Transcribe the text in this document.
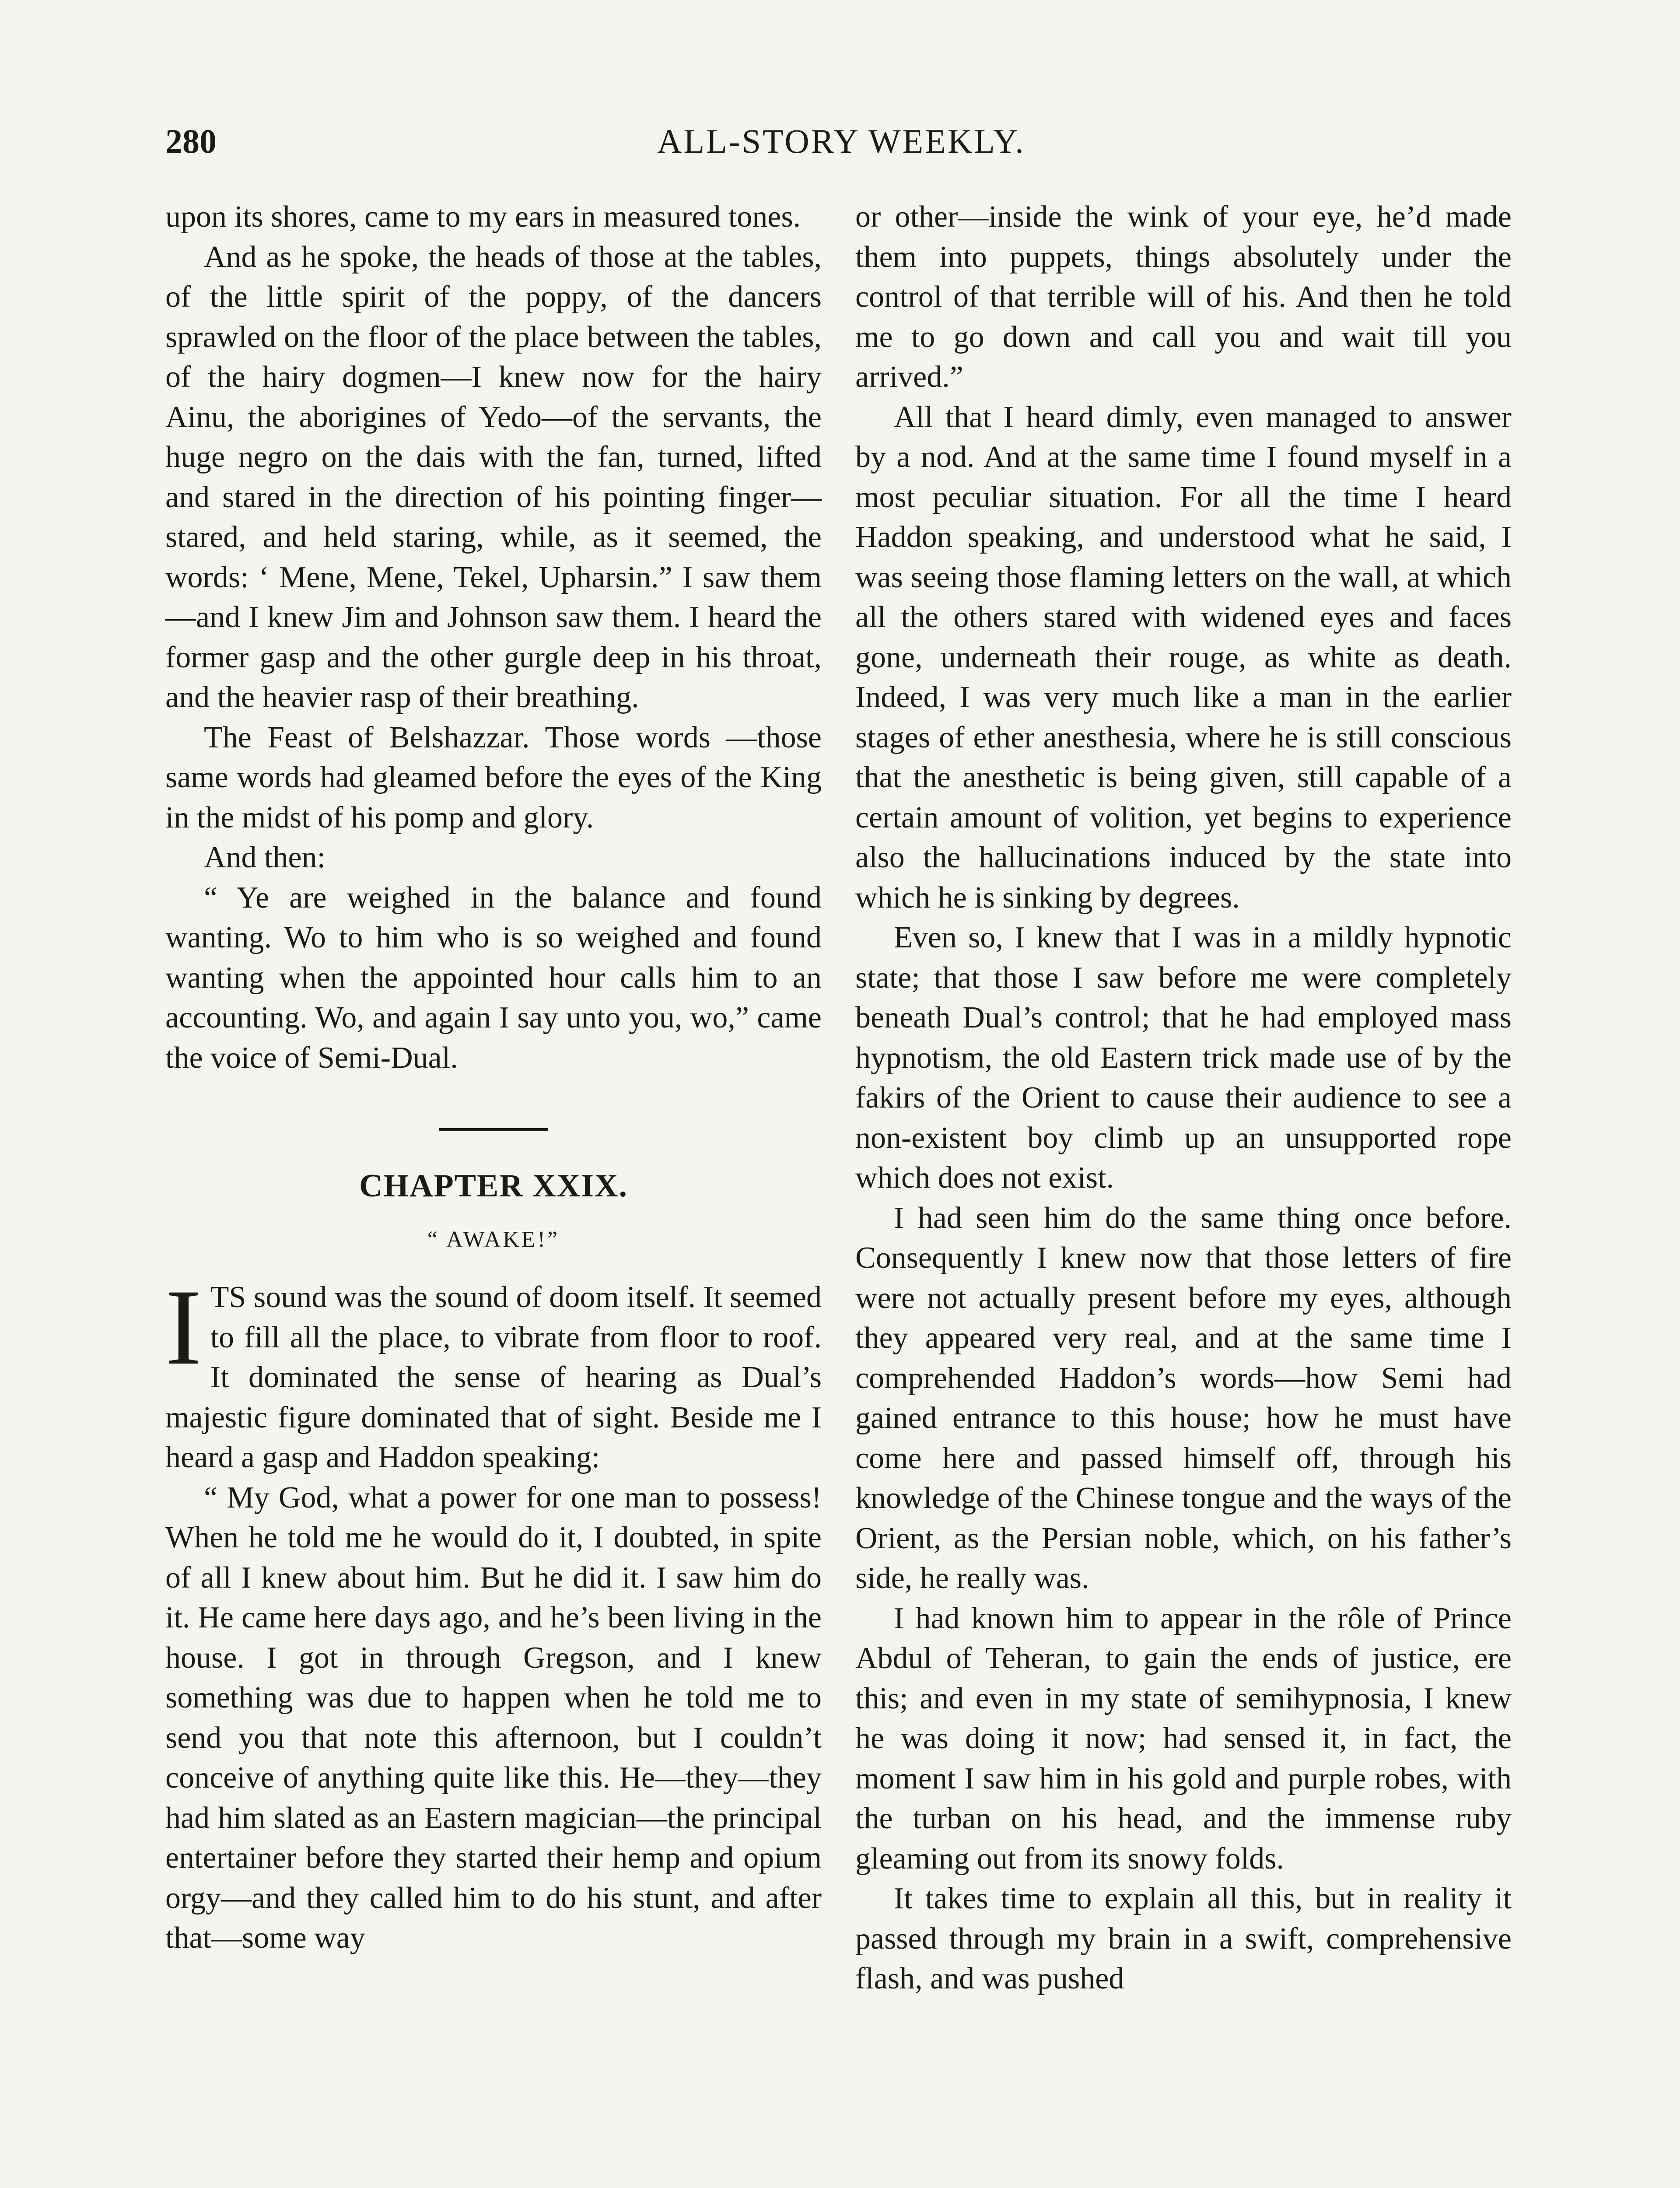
280	ALL-STORY WEEKLY.

upon its shores, came to my ears in measured tones.

And as he spoke, the heads of those at the tables, of the little spirit of the poppy, of the dancers sprawled on the floor of the place between the tables, of the hairy dogmen—I knew now for the hairy Ainu, the aborigines of Yedo—of the servants, the huge negro on the dais with the fan, turned, lifted and stared in the direction of his pointing finger—stared, and held staring, while, as it seemed, the words: ‘ Mene, Mene, Tekel, Upharsin.” I saw them—and I knew Jim and Johnson saw them. I heard the former gasp and the other gurgle deep in his throat, and the heavier rasp of their breathing.

The Feast of Belshazzar. Those words —those same words had gleamed before the eyes of the King in the midst of his pomp and glory.

And then:

“ Ye are weighed in the balance and found wanting. Wo to him who is so weighed and found wanting when the appointed hour calls him to an accounting. Wo, and again I say unto you, wo,” came the voice of Semi-Dual.

CHAPTER XXIX.
“ AWAKE!”

ITS sound was the sound of doom itself. It seemed to fill all the place, to vibrate from floor to roof. It dominated the sense of hearing as Dual’s majestic figure dominated that of sight. Beside me I heard a gasp and Haddon speaking:

“ My God, what a power for one man to possess! When he told me he would do it, I doubted, in spite of all I knew about him. But he did it. I saw him do it. He came here days ago, and he’s been living in the house. I got in through Gregson, and I knew something was due to happen when he told me to send you that note this afternoon, but I couldn’t conceive of anything quite like this. He—they—they had him slated as an Eastern magician—the principal entertainer before they started their hemp and opium orgy—and they called him to do his stunt, and after that—some way

or other—inside the wink of your eye, he’d made them into puppets, things absolutely under the control of that terrible will of his. And then he told me to go down and call you and wait till you arrived.”

All that I heard dimly, even managed to answer by a nod. And at the same time I found myself in a most peculiar situation. For all the time I heard Haddon speaking, and understood what he said, I was seeing those flaming letters on the wall, at which all the others stared with widened eyes and faces gone, underneath their rouge, as white as death. Indeed, I was very much like a man in the earlier stages of ether anesthesia, where he is still conscious that the anesthetic is being given, still capable of a certain amount of volition, yet begins to experience also the hallucinations induced by the state into which he is sinking by degrees.

Even so, I knew that I was in a mildly hypnotic state; that those I saw before me were completely beneath Dual’s control; that he had employed mass hypnotism, the old Eastern trick made use of by the fakirs of the Orient to cause their audience to see a non-existent boy climb up an unsupported rope which does not exist.

I had seen him do the same thing once before. Consequently I knew now that those letters of fire were not actually present before my eyes, although they appeared very real, and at the same time I comprehended Haddon’s words—how Semi had gained entrance to this house; how he must have come here and passed himself off, through his knowledge of the Chinese tongue and the ways of the Orient, as the Persian noble, which, on his father’s side, he really was.

I had known him to appear in the rôle of Prince Abdul of Teheran, to gain the ends of justice, ere this; and even in my state of semihypnosia, I knew he was doing it now; had sensed it, in fact, the moment I saw him in his gold and purple robes, with the turban on his head, and the immense ruby gleaming out from its snowy folds.

It takes time to explain all this, but in reality it passed through my brain in a swift, comprehensive flash, and was pushed
